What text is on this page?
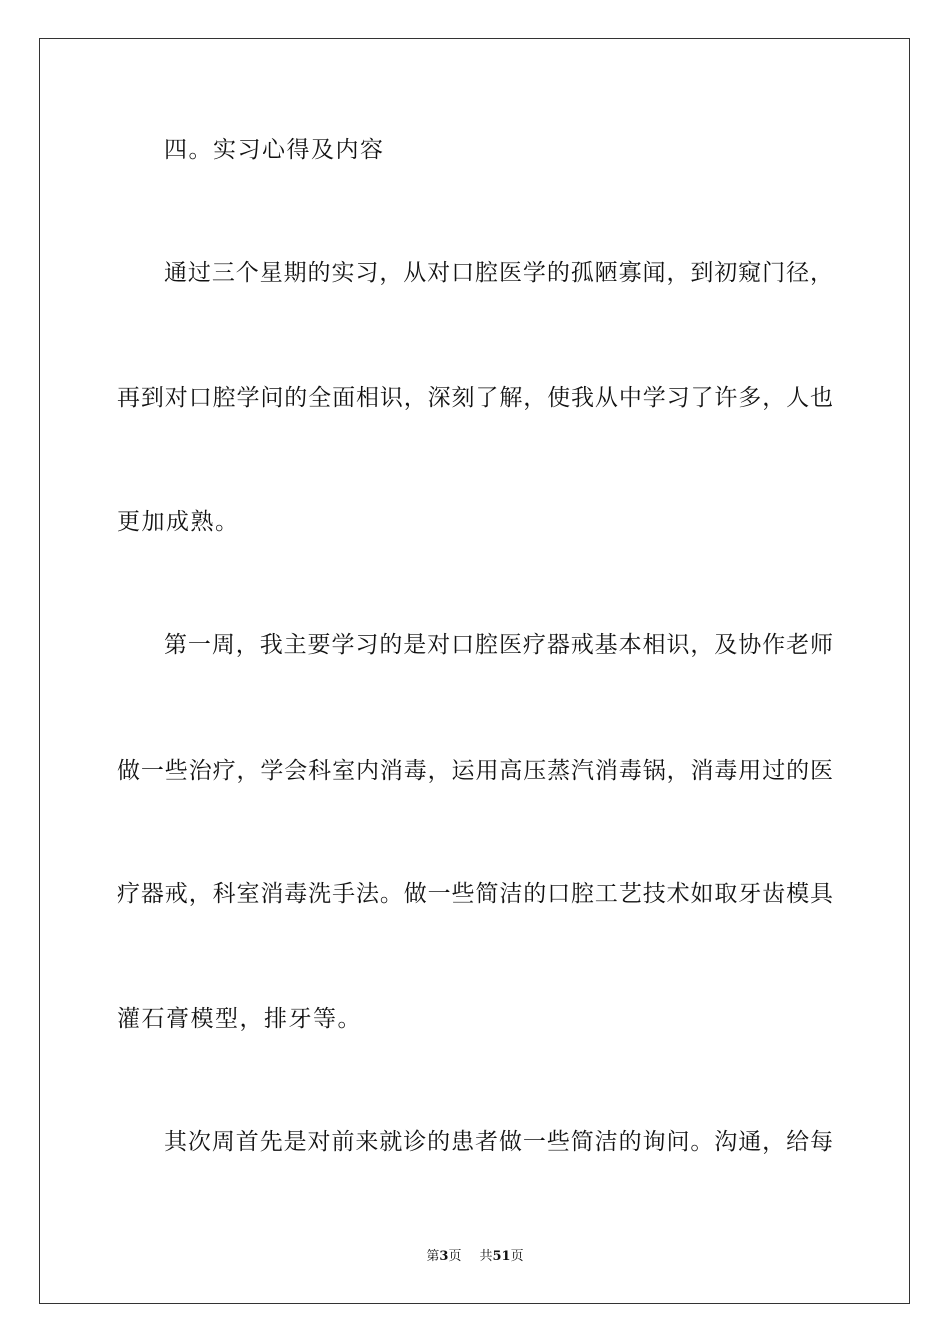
四。实习心得及内容
通过三个星期的实习，从对口腔医学的孤陋寡闻，到初窥门径，
再到对口腔学问的全面相识，深刻了解，使我从中学习了许多，人也
更加成熟。
第一周，我主要学习的是对口腔医疗器戒基本相识，及协作老师
做一些治疗，学会科室内消毒，运用高压蒸汽消毒锅，消毒用过的医
疗器戒，科室消毒洗手法。做一些简洁的口腔工艺技术如取牙齿模具
灌石膏模型，排牙等。
其次周首先是对前来就诊的患者做一些简洁的询问。沟通，给每
第3页 共51页
